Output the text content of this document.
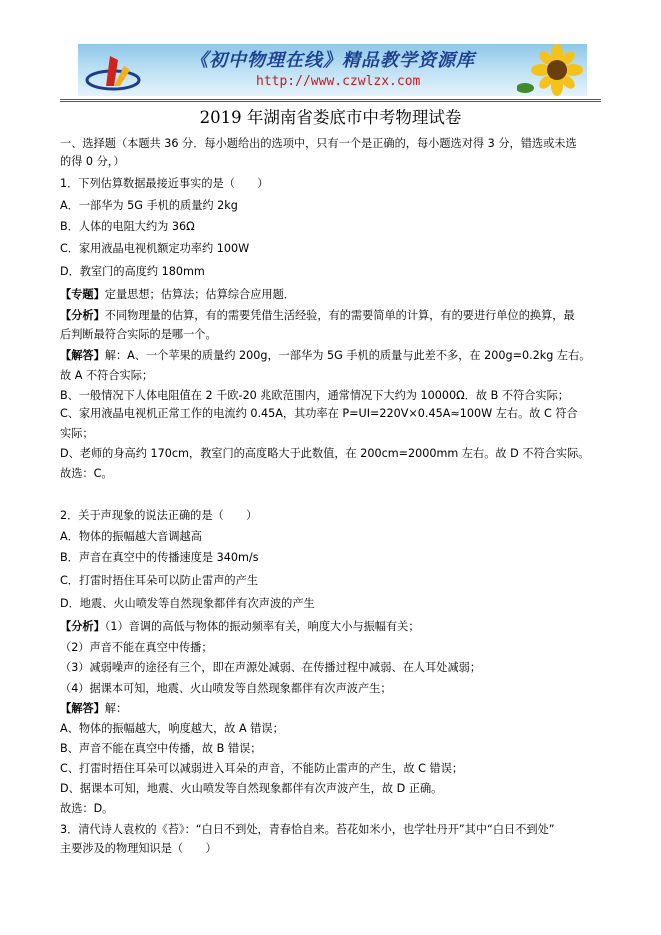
《初中物理在线》精品教学资源库
http://www.czwlzx.com
2019 年湖南省娄底市中考物理试卷
一、选择题（本题共 36 分．每小题给出的选项中，只有一个是正确的，每小题选对得 3 分，错选或未选
的得 0 分，）
1．下列估算数据最接近事实的是（　　）
A．一部华为 5G 手机的质量约 2kg
B．人体的电阻大约为 36Ω
C．家用液晶电视机额定功率约 100W
D．教室门的高度约 180mm
【专题】定量思想；估算法；估算综合应用题．
【分析】不同物理量的估算，有的需要凭借生活经验，有的需要简单的计算，有的要进行单位的换算，最
后判断最符合实际的是哪一个。
【解答】解：A、一个苹果的质量约 200g，一部华为 5G 手机的质量与此差不多，在 200g=0.2kg 左右。
故 A 不符合实际；
B、一般情况下人体电阻值在 2 千欧-20 兆欧范围内，通常情况下大约为 10000Ω．故 B 不符合实际；
C、家用液晶电视机正常工作的电流约 0.45A，其功率在 P=UI=220V×0.45A≈100W 左右。故 C 符合
实际；
D、老师的身高约 170cm，教室门的高度略大于此数值，在 200cm=2000mm 左右。故 D 不符合实际。
故选：C。
2．关于声现象的说法正确的是（　　）
A．物体的振幅越大音调越高
B．声音在真空中的传播速度是 340m/s
C．打雷时捂住耳朵可以防止雷声的产生
D．地震、火山喷发等自然现象都伴有次声波的产生
【分析】（1）音调的高低与物体的振动频率有关，响度大小与振幅有关；
（2）声音不能在真空中传播；
（3）减弱噪声的途径有三个，即在声源处减弱、在传播过程中减弱、在人耳处减弱；
（4）据课本可知，地震、火山喷发等自然现象都伴有次声波产生；
【解答】解：
A、物体的振幅越大，响度越大，故 A 错误；
B、声音不能在真空中传播，故 B 错误；
C、打雷时捂住耳朵可以减弱进入耳朵的声音，不能防止雷声的产生，故 C 错误；
D、据课本可知，地震、火山喷发等自然现象都伴有次声波产生，故 D 正确。
故选：D。
3．清代诗人袁枚的《苔》：“白日不到处，青春恰自来。苔花如米小，也学牡丹开”其中“白日不到处”
主要涉及的物理知识是（　　）
